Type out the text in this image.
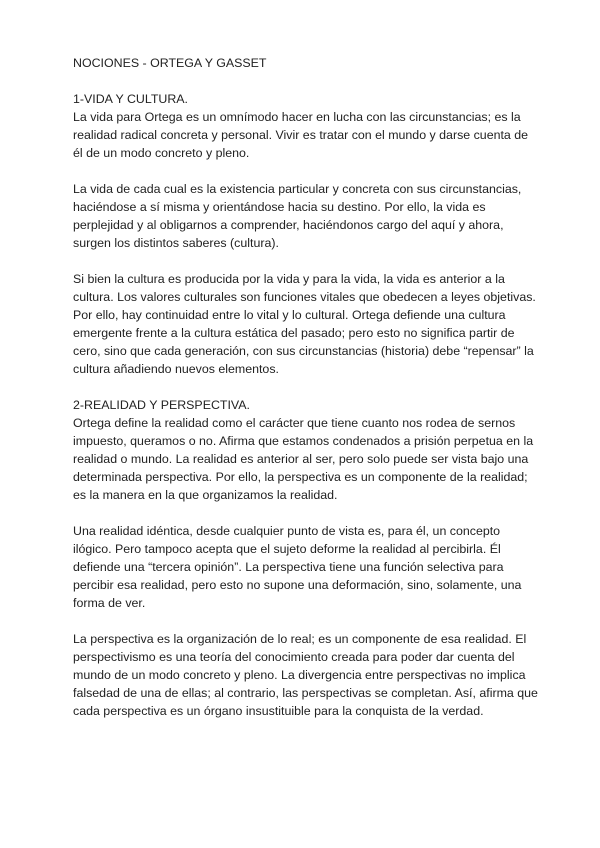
NOCIONES - ORTEGA Y GASSET
1-VIDA Y CULTURA.
La vida para Ortega es un omnímodo hacer en lucha con las circunstancias; es la
realidad radical concreta y personal. Vivir es tratar con el mundo y darse cuenta de
él de un modo concreto y pleno.
La vida de cada cual es la existencia particular y concreta con sus circunstancias,
haciéndose a sí misma y orientándose hacia su destino. Por ello, la vida es
perplejidad y al obligarnos a comprender, haciéndonos cargo del aquí y ahora,
surgen los distintos saberes (cultura).
Si bien la cultura es producida por la vida y para la vida, la vida es anterior a la
cultura. Los valores culturales son funciones vitales que obedecen a leyes objetivas.
Por ello, hay continuidad entre lo vital y lo cultural. Ortega defiende una cultura
emergente frente a la cultura estática del pasado; pero esto no significa partir de
cero, sino que cada generación, con sus circunstancias (historia) debe “repensar” la
cultura añadiendo nuevos elementos.
2-REALIDAD Y PERSPECTIVA.
Ortega define la realidad como el carácter que tiene cuanto nos rodea de sernos
impuesto, queramos o no. Afirma que estamos condenados a prisión perpetua en la
realidad o mundo. La realidad es anterior al ser, pero solo puede ser vista bajo una
determinada perspectiva. Por ello, la perspectiva es un componente de la realidad;
es la manera en la que organizamos la realidad.
Una realidad idéntica, desde cualquier punto de vista es, para él, un concepto
ilógico. Pero tampoco acepta que el sujeto deforme la realidad al percibirla. Él
defiende una “tercera opinión”. La perspectiva tiene una función selectiva para
percibir esa realidad, pero esto no supone una deformación, sino, solamente, una
forma de ver.
La perspectiva es la organización de lo real; es un componente de esa realidad. El
perspectivismo es una teoría del conocimiento creada para poder dar cuenta del
mundo de un modo concreto y pleno. La divergencia entre perspectivas no implica
falsedad de una de ellas; al contrario, las perspectivas se completan. Así, afirma que
cada perspectiva es un órgano insustituible para la conquista de la verdad.
